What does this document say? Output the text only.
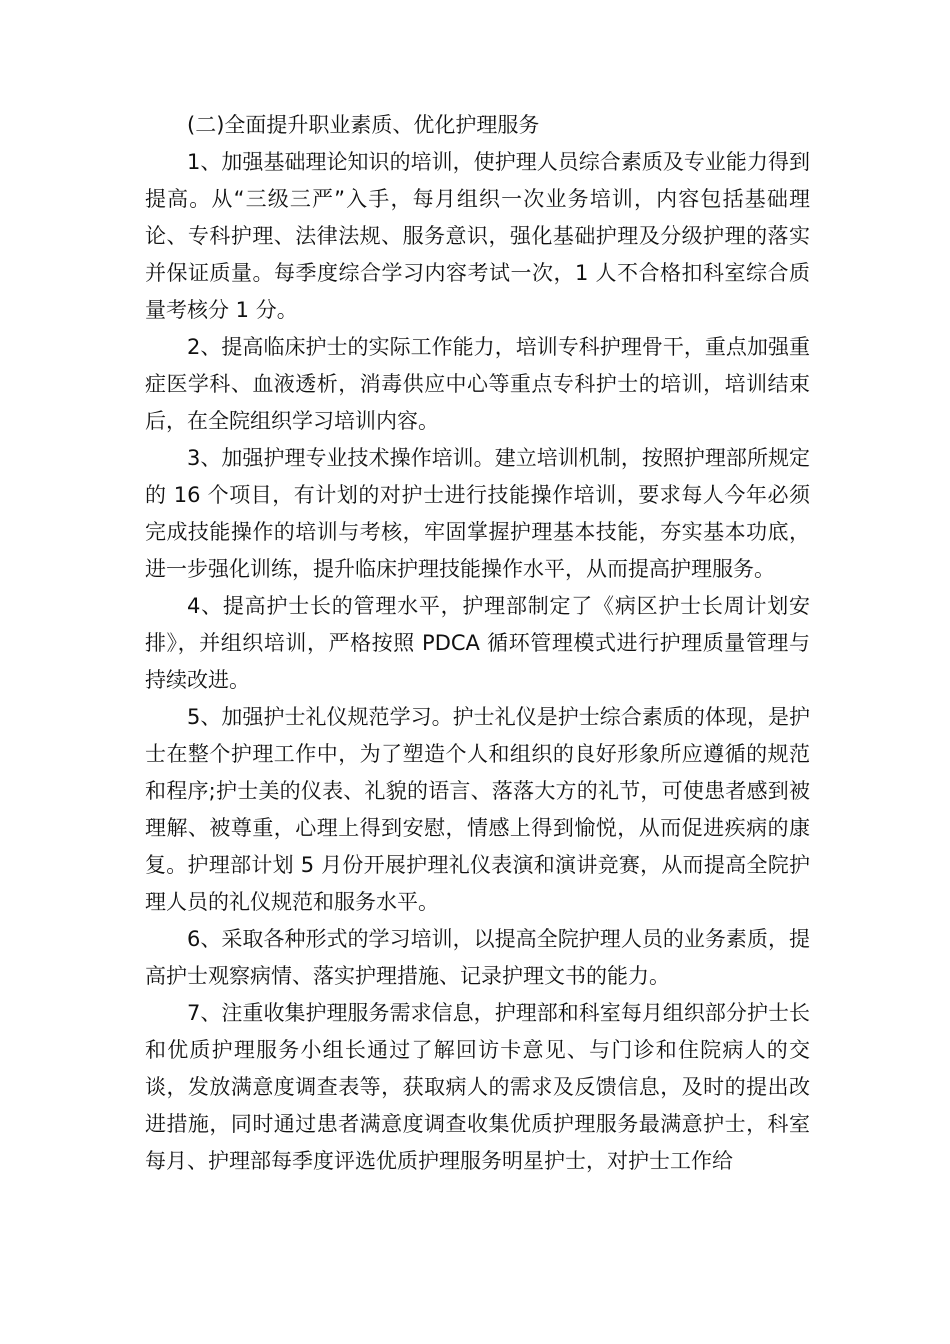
(二)全面提升职业素质、优化护理服务

1、加强基础理论知识的培训，使护理人员综合素质及专业能力得到提高。从“三级三严”入手，每月组织一次业务培训，内容包括基础理论、专科护理、法律法规、服务意识，强化基础护理及分级护理的落实并保证质量。每季度综合学习内容考试一次，1 人不合格扣科室综合质量考核分 1 分。

2、提高临床护士的实际工作能力，培训专科护理骨干，重点加强重症医学科、血液透析，消毒供应中心等重点专科护士的培训，培训结束后，在全院组织学习培训内容。

3、加强护理专业技术操作培训。建立培训机制，按照护理部所规定的 16 个项目，有计划的对护士进行技能操作培训，要求每人今年必须完成技能操作的培训与考核，牢固掌握护理基本技能，夯实基本功底，进一步强化训练，提升临床护理技能操作水平，从而提高护理服务。

4、提高护士长的管理水平，护理部制定了《病区护士长周计划安排》，并组织培训，严格按照 PDCA 循环管理模式进行护理质量管理与持续改进。

5、加强护士礼仪规范学习。护士礼仪是护士综合素质的体现，是护士在整个护理工作中，为了塑造个人和组织的良好形象所应遵循的规范和程序;护士美的仪表、礼貌的语言、落落大方的礼节，可使患者感到被理解、被尊重，心理上得到安慰，情感上得到愉悦，从而促进疾病的康复。护理部计划 5 月份开展护理礼仪表演和演讲竞赛，从而提高全院护理人员的礼仪规范和服务水平。

6、采取各种形式的学习培训，以提高全院护理人员的业务素质，提高护士观察病情、落实护理措施、记录护理文书的能力。

7、注重收集护理服务需求信息，护理部和科室每月组织部分护士长和优质护理服务小组长通过了解回访卡意见、与门诊和住院病人的交谈，发放满意度调查表等，获取病人的需求及反馈信息，及时的提出改进措施，同时通过患者满意度调查收集优质护理服务最满意护士，科室每月、护理部每季度评选优质护理服务明星护士，对护士工作给
